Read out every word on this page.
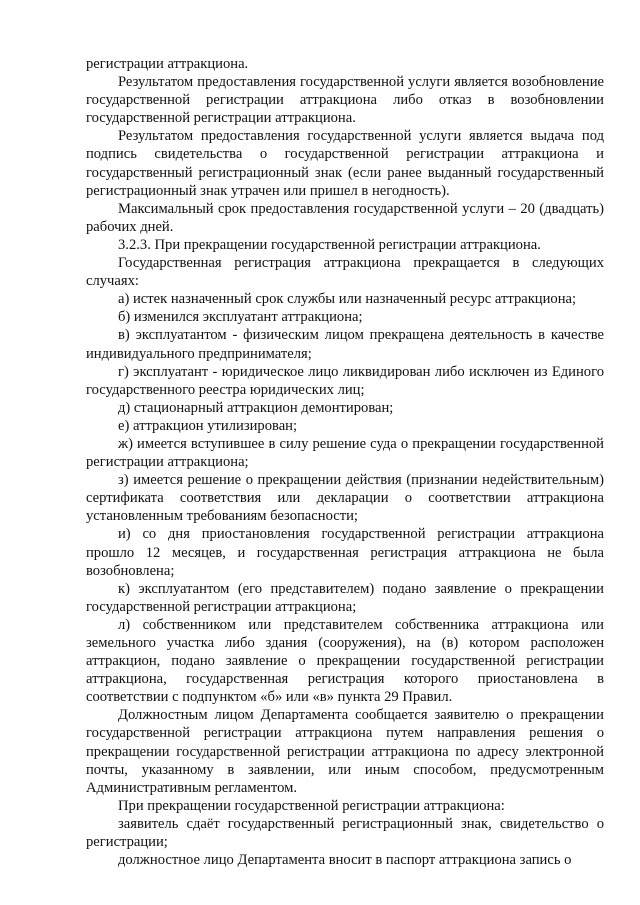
регистрации аттракциона.

Результатом предоставления государственной услуги является возобновление государственной регистрации аттракциона либо отказ в возобновлении государственной регистрации аттракциона.

Результатом предоставления государственной услуги является выдача под подпись свидетельства о государственной регистрации аттракциона и государственный регистрационный знак (если ранее выданный государственный регистрационный знак утрачен или пришел в негодность).

Максимальный срок предоставления государственной услуги – 20 (двадцать) рабочих дней.

3.2.3. При прекращении государственной регистрации аттракциона.

Государственная регистрация аттракциона прекращается в следующих случаях:

а) истек назначенный срок службы или назначенный ресурс аттракциона;

б) изменился эксплуатант аттракциона;

в) эксплуатантом - физическим лицом прекращена деятельность в качестве индивидуального предпринимателя;

г) эксплуатант - юридическое лицо ликвидирован либо исключен из Единого государственного реестра юридических лиц;

д) стационарный аттракцион демонтирован;

е) аттракцион утилизирован;

ж) имеется вступившее в силу решение суда о прекращении государственной регистрации аттракциона;

з) имеется решение о прекращении действия (признании недействительным) сертификата соответствия или декларации о соответствии аттракциона установленным требованиям безопасности;

и) со дня приостановления государственной регистрации аттракциона прошло 12 месяцев, и государственная регистрация аттракциона не была возобновлена;

к) эксплуатантом (его представителем) подано заявление о прекращении государственной регистрации аттракциона;

л) собственником или представителем собственника аттракциона или земельного участка либо здания (сооружения), на (в) котором расположен аттракцион, подано заявление о прекращении государственной регистрации аттракциона, государственная регистрация которого приостановлена в соответствии с подпунктом «б» или «в» пункта 29 Правил.

Должностным лицом Департамента сообщается заявителю о прекращении государственной регистрации аттракциона путем направления решения о прекращении государственной регистрации аттракциона по адресу электронной почты, указанному в заявлении, или иным способом, предусмотренным Административным регламентом.

При прекращении государственной регистрации аттракциона:

заявитель сдаёт государственный регистрационный знак, свидетельство о регистрации;

должностное лицо Департамента вносит в паспорт аттракциона запись о
